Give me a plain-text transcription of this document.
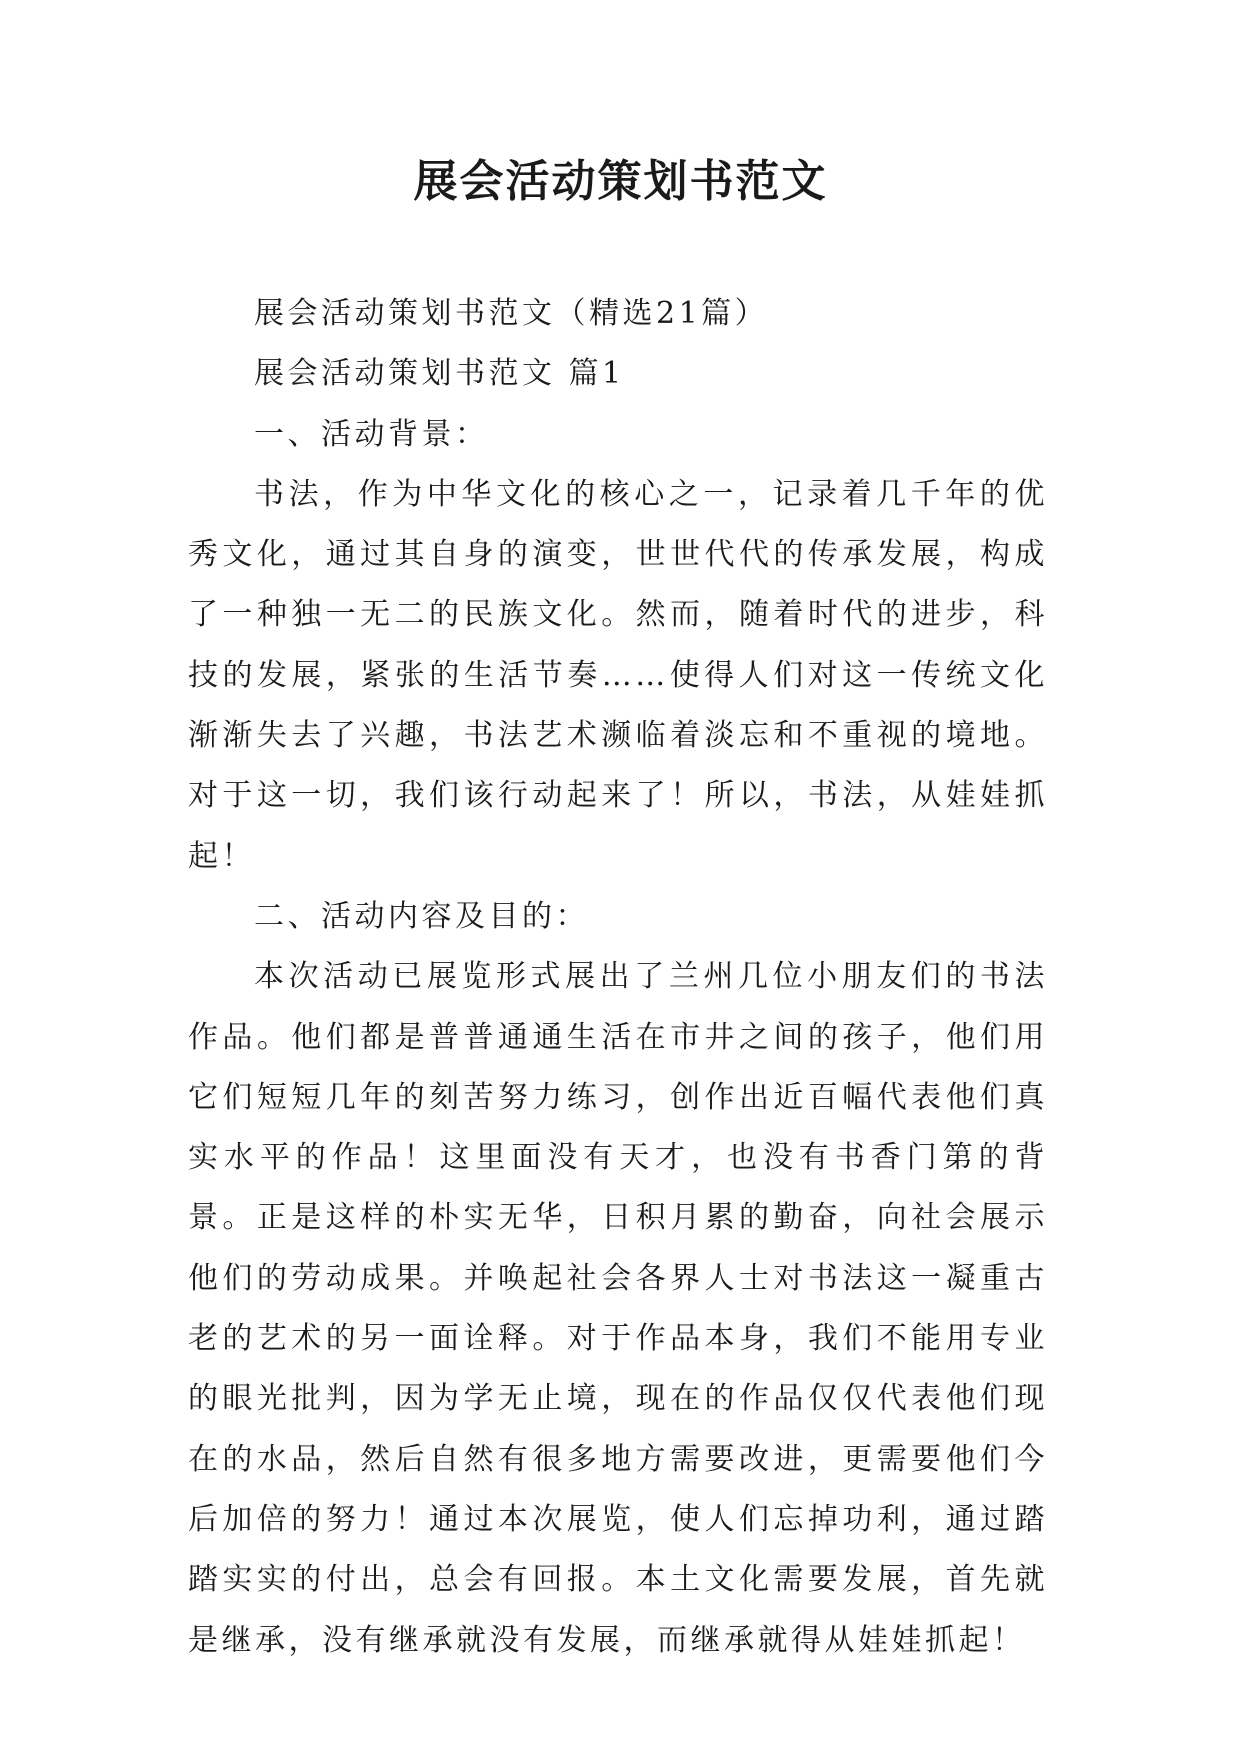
展会活动策划书范文

展会活动策划书范文（精选21篇）

展会活动策划书范文 篇1

一、活动背景：

书法，作为中华文化的核心之一，记录着几千年的优秀文化，通过其自身的演变，世世代代的传承发展，构成了一种独一无二的民族文化。然而，随着时代的进步，科技的发展，紧张的生活节奏……使得人们对这一传统文化渐渐失去了兴趣，书法艺术濒临着淡忘和不重视的境地。对于这一切，我们该行动起来了！所以，书法，从娃娃抓起！

二、活动内容及目的：

本次活动已展览形式展出了兰州几位小朋友们的书法作品。他们都是普普通通生活在市井之间的孩子，他们用它们短短几年的刻苦努力练习，创作出近百幅代表他们真实水平的作品！这里面没有天才，也没有书香门第的背景。正是这样的朴实无华，日积月累的勤奋，向社会展示他们的劳动成果。并唤起社会各界人士对书法这一凝重古老的艺术的另一面诠释。对于作品本身，我们不能用专业的眼光批判，因为学无止境，现在的作品仅仅代表他们现在的水品，然后自然有很多地方需要改进，更需要他们今后加倍的努力！通过本次展览，使人们忘掉功利，通过踏踏实实的付出，总会有回报。本土文化需要发展，首先就是继承，没有继承就没有发展，而继承就得从娃娃抓起！
